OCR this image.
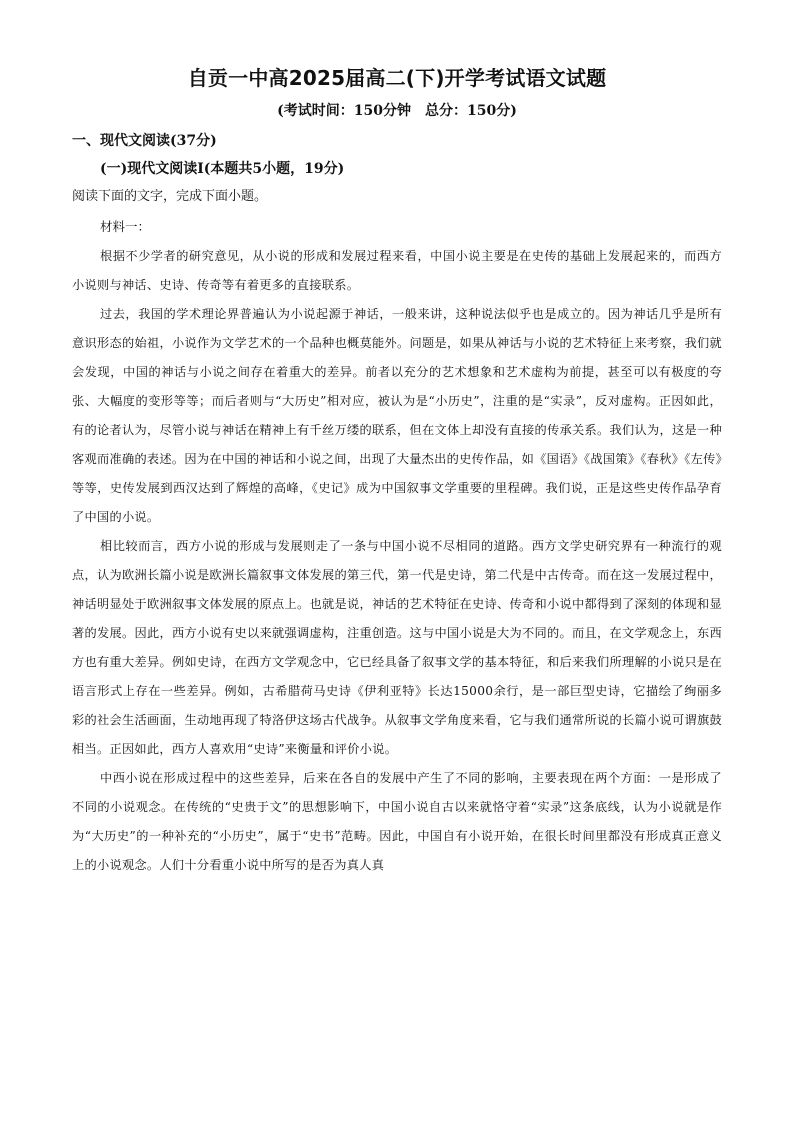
自贡一中高2025届高二(下)开学考试语文试题
(考试时间：150分钟　总分：150分)
一、现代文阅读(37分)
(一)现代文阅读Ⅰ(本题共5小题，19分)
阅读下面的文字，完成下面小题。
材料一：

根据不少学者的研究意见，从小说的形成和发展过程来看，中国小说主要是在史传的基础上发展起来的，而西方小说则与神话、史诗、传奇等有着更多的直接联系。

过去，我国的学术理论界普遍认为小说起源于神话，一般来讲，这种说法似乎也是成立的。因为神话几乎是所有意识形态的始祖，小说作为文学艺术的一个品种也概莫能外。问题是，如果从神话与小说的艺术特征上来考察，我们就会发现，中国的神话与小说之间存在着重大的差异。前者以充分的艺术想象和艺术虚构为前提，甚至可以有极度的夸张、大幅度的变形等等；而后者则与“大历史”相对应，被认为是“小历史”，注重的是“实录”，反对虚构。正因如此，有的论者认为，尽管小说与神话在精神上有千丝万缕的联系，但在文体上却没有直接的传承关系。我们认为，这是一种客观而准确的表述。因为在中国的神话和小说之间，出现了大量杰出的史传作品，如《国语》《战国策》《春秋》《左传》等等，史传发展到西汉达到了辉煌的高峰，《史记》成为中国叙事文学重要的里程碑。我们说，正是这些史传作品孕育了中国的小说。

相比较而言，西方小说的形成与发展则走了一条与中国小说不尽相同的道路。西方文学史研究界有一种流行的观点，认为欧洲长篇小说是欧洲长篇叙事文体发展的第三代，第一代是史诗，第二代是中古传奇。而在这一发展过程中，神话明显处于欧洲叙事文体发展的原点上。也就是说，神话的艺术特征在史诗、传奇和小说中都得到了深刻的体现和显著的发展。因此，西方小说有史以来就强调虚构，注重创造。这与中国小说是大为不同的。而且，在文学观念上，东西方也有重大差异。例如史诗，在西方文学观念中，它已经具备了叙事文学的基本特征，和后来我们所理解的小说只是在语言形式上存在一些差异。例如，古希腊荷马史诗《伊利亚特》长达15000余行，是一部巨型史诗，它描绘了绚丽多彩的社会生活画面，生动地再现了特洛伊这场古代战争。从叙事文学角度来看，它与我们通常所说的长篇小说可谓旗鼓相当。正因如此，西方人喜欢用“史诗”来衡量和评价小说。

中西小说在形成过程中的这些差异，后来在各自的发展中产生了不同的影响，主要表现在两个方面：一是形成了不同的小说观念。在传统的“史贵于文”的思想影响下，中国小说自古以来就恪守着“实录”这条底线，认为小说就是作为“大历史”的一种补充的“小历史”，属于“史书”范畴。因此，中国自有小说开始，在很长时间里都没有形成真正意义上的小说观念。人们十分看重小说中所写的是否为真人真
